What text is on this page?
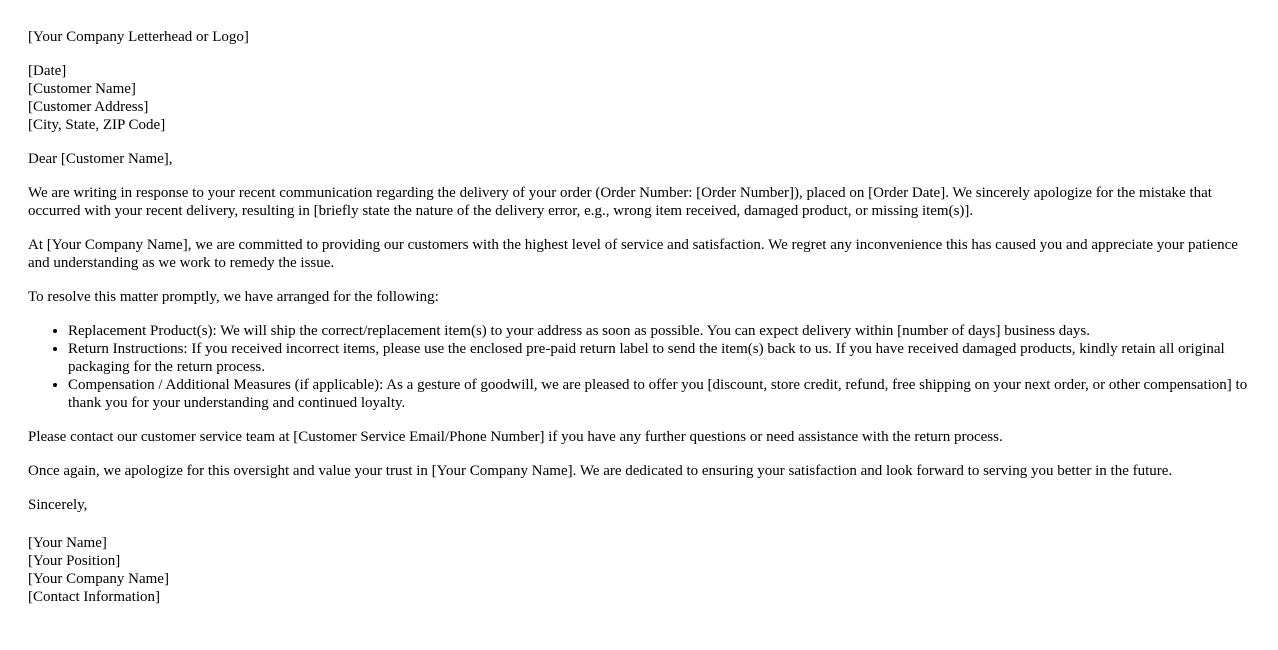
[Your Company Letterhead or Logo]

[Date]
[Customer Name]
[Customer Address]
[City, State, ZIP Code]

Dear [Customer Name],

We are writing in response to your recent communication regarding the delivery of your order (Order Number: [Order Number]), placed on [Order Date]. We sincerely apologize for the mistake that occurred with your recent delivery, resulting in [briefly state the nature of the delivery error, e.g., wrong item received, damaged product, or missing item(s)].

At [Your Company Name], we are committed to providing our customers with the highest level of service and satisfaction. We regret any inconvenience this has caused you and appreciate your patience and understanding as we work to remedy the issue.

To resolve this matter promptly, we have arranged for the following:

• Replacement Product(s): We will ship the correct/replacement item(s) to your address as soon as possible. You can expect delivery within [number of days] business days.
• Return Instructions: If you received incorrect items, please use the enclosed pre-paid return label to send the item(s) back to us. If you have received damaged products, kindly retain all original packaging for the return process.
• Compensation / Additional Measures (if applicable): As a gesture of goodwill, we are pleased to offer you [discount, store credit, refund, free shipping on your next order, or other compensation] to thank you for your understanding and continued loyalty.

Please contact our customer service team at [Customer Service Email/Phone Number] if you have any further questions or need assistance with the return process.

Once again, we apologize for this oversight and value your trust in [Your Company Name]. We are dedicated to ensuring your satisfaction and look forward to serving you better in the future.

Sincerely,

[Your Name]
[Your Position]
[Your Company Name]
[Contact Information]
